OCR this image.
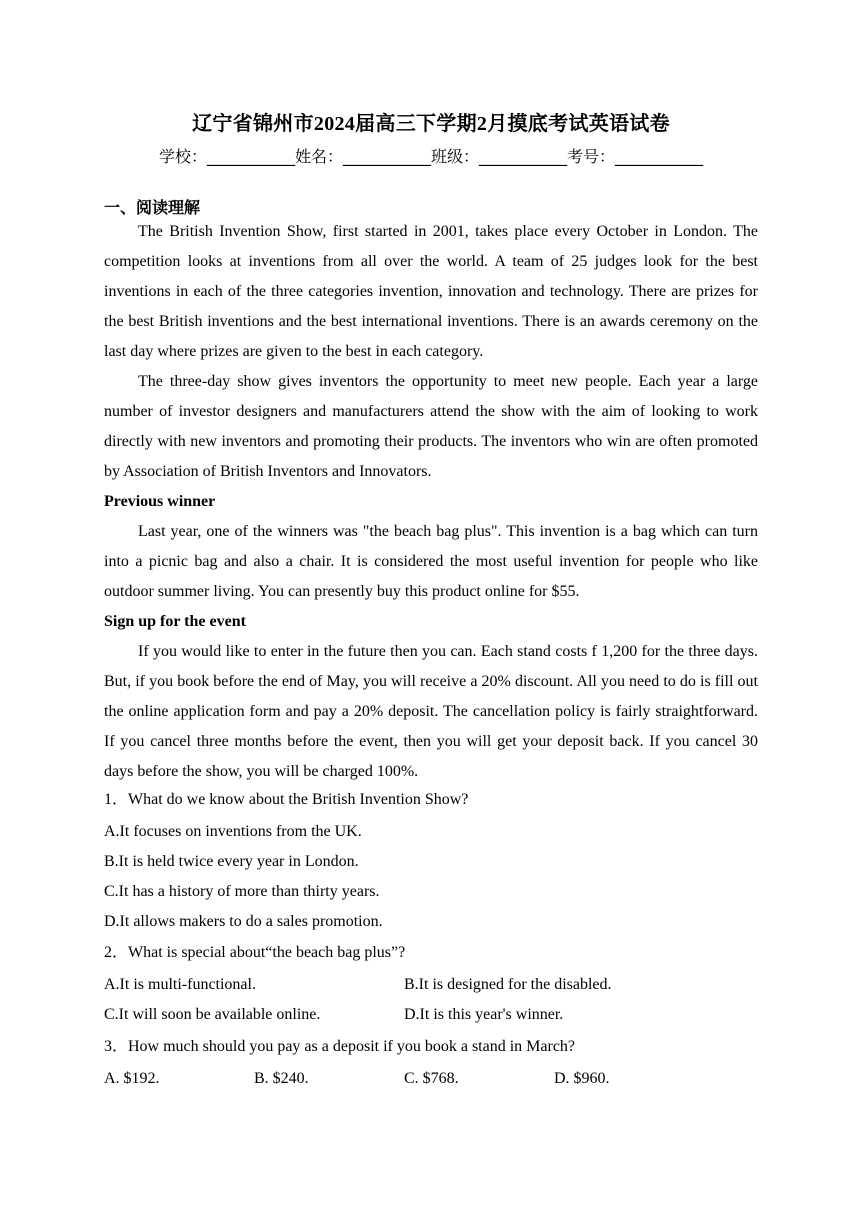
辽宁省锦州市2024届高三下学期2月摸底考试英语试卷
学校：___________姓名：___________班级：___________考号：___________
一、阅读理解

The British Invention Show, first started in 2001, takes place every October in London. The competition looks at inventions from all over the world. A team of 25 judges look for the best inventions in each of the three categories invention, innovation and technology. There are prizes for the best British inventions and the best international inventions. There is an awards ceremony on the last day where prizes are given to the best in each category.

The three-day show gives inventors the opportunity to meet new people. Each year a large number of investor designers and manufacturers attend the show with the aim of looking to work directly with new inventors and promoting their products. The inventors who win are often promoted by Association of British Inventors and Innovators.

Previous winner

Last year, one of the winners was "the beach bag plus". This invention is a bag which can turn into a picnic bag and also a chair. It is considered the most useful invention for people who like outdoor summer living. You can presently buy this product online for $55.

Sign up for the event

If you would like to enter in the future then you can. Each stand costs f 1,200 for the three days. But, if you book before the end of May, you will receive a 20% discount. All you need to do is fill out the online application form and pay a 20% deposit. The cancellation policy is fairly straightforward. If you cancel three months before the event, then you will get your deposit back. If you cancel 30 days before the show, you will be charged 100%.

1．What do we know about the British Invention Show?
A.It focuses on inventions from the UK.
B.It is held twice every year in London.
C.It has a history of more than thirty years.
D.It allows makers to do a sales promotion.
2．What is special about“the beach bag plus”?
A.It is multi-functional.	B.It is designed for the disabled.
C.It will soon be available online.	D.It is this year's winner.
3．How much should you pay as a deposit if you book a stand in March?
A. $192.	B. $240.	C. $768.	D. $960.
